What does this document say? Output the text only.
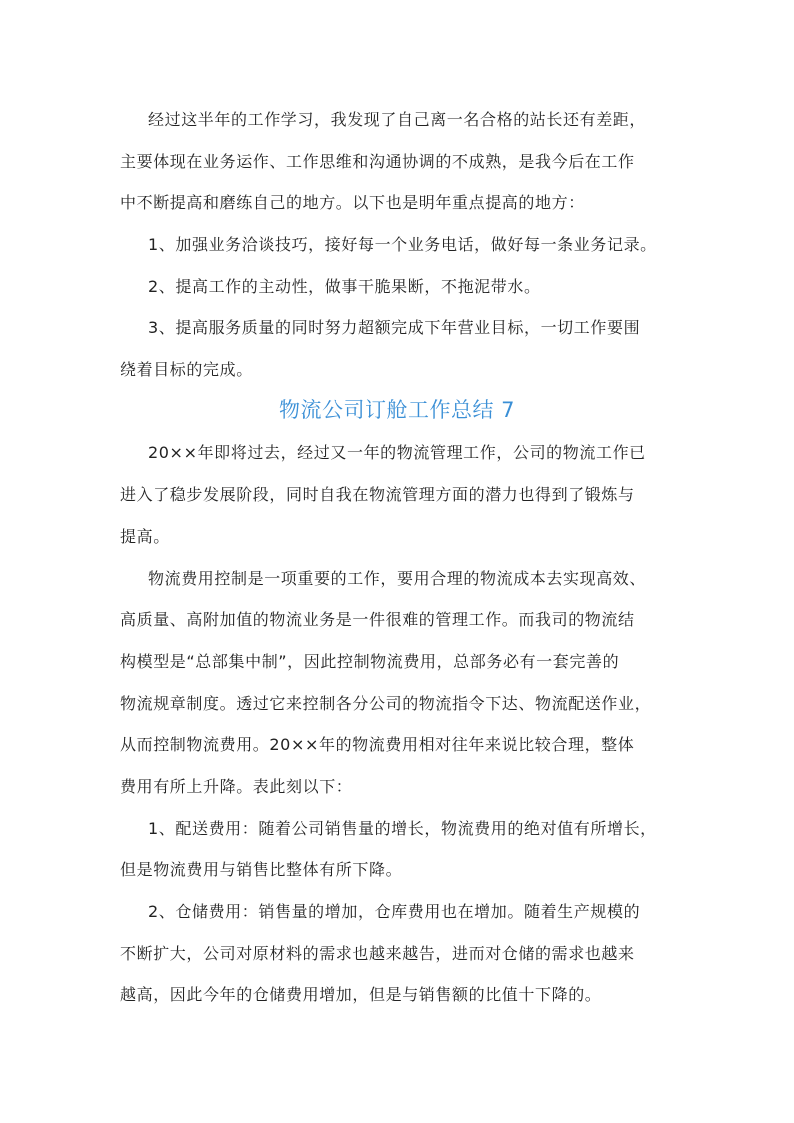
经过这半年的工作学习，我发现了自己离一名合格的站长还有差距，
主要体现在业务运作、工作思维和沟通协调的不成熟，是我今后在工作
中不断提高和磨练自己的地方。以下也是明年重点提高的地方：
1、加强业务洽谈技巧，接好每一个业务电话，做好每一条业务记录。
2、提高工作的主动性，做事干脆果断，不拖泥带水。
3、提高服务质量的同时努力超额完成下年营业目标，一切工作要围
绕着目标的完成。
物流公司订舱工作总结 7
20××年即将过去，经过又一年的物流管理工作，公司的物流工作已
进入了稳步发展阶段，同时自我在物流管理方面的潜力也得到了锻炼与
提高。
物流费用控制是一项重要的工作，要用合理的物流成本去实现高效、
高质量、高附加值的物流业务是一件很难的管理工作。而我司的物流结
构模型是“总部集中制”，因此控制物流费用，总部务必有一套完善的
物流规章制度。透过它来控制各分公司的物流指令下达、物流配送作业，
从而控制物流费用。20××年的物流费用相对往年来说比较合理，整体
费用有所上升降。表此刻以下：
1、配送费用：随着公司销售量的增长，物流费用的绝对值有所增长，
但是物流费用与销售比整体有所下降。
2、仓储费用：销售量的增加，仓库费用也在增加。随着生产规模的
不断扩大，公司对原材料的需求也越来越告，进而对仓储的需求也越来
越高，因此今年的仓储费用增加，但是与销售额的比值十下降的。
